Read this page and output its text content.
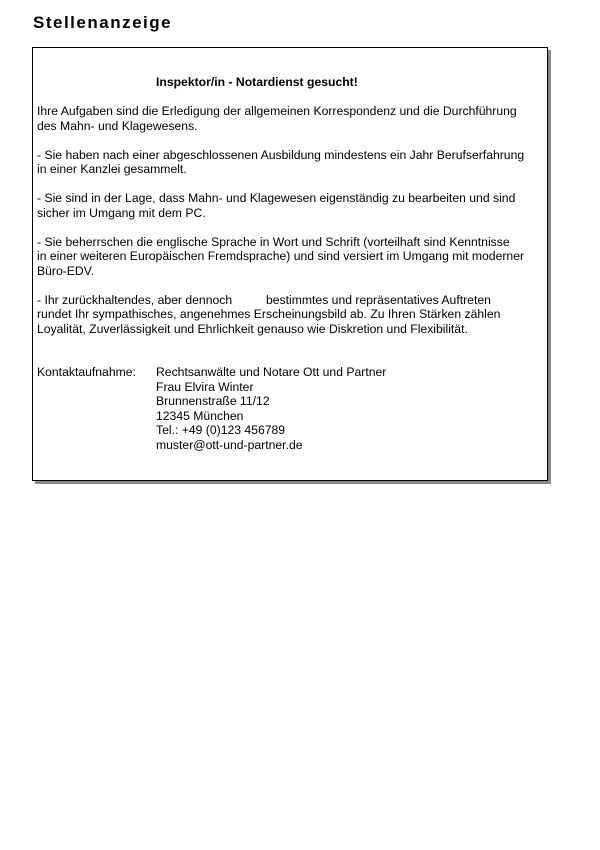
Stellenanzeige
Inspektor/in - Notardienst gesucht!
Ihre Aufgaben sind die Erledigung der allgemeinen Korrespondenz und die Durchführung
des Mahn- und Klagewesens.
- Sie haben nach einer abgeschlossenen Ausbildung mindestens ein Jahr Berufserfahrung
in einer Kanzlei gesammelt.
- Sie sind in der Lage, dass Mahn- und Klagewesen eigenständig zu bearbeiten und sind
sicher im Umgang mit dem PC.
- Sie beherrschen die englische Sprache in Wort und Schrift (vorteilhaft sind Kenntnisse
in einer weiteren Europäischen Fremdsprache) und sind versiert im Umgang mit moderner
Büro-EDV.
- Ihr zurückhaltendes, aber dennoch          bestimmtes und repräsentatives Auftreten
rundet Ihr sympathisches, angenehmes Erscheinungsbild ab. Zu Ihren Stärken zählen
Loyalität, Zuverlässigkeit und Ehrlichkeit genauso wie Diskretion und Flexibilität.
Kontaktaufnahme:	Rechtsanwälte und Notare Ott und Partner
Frau Elvira Winter
Brunnenstraße 11/12
12345 München
Tel.: +49 (0)123 456789
muster@ott-und-partner.de
